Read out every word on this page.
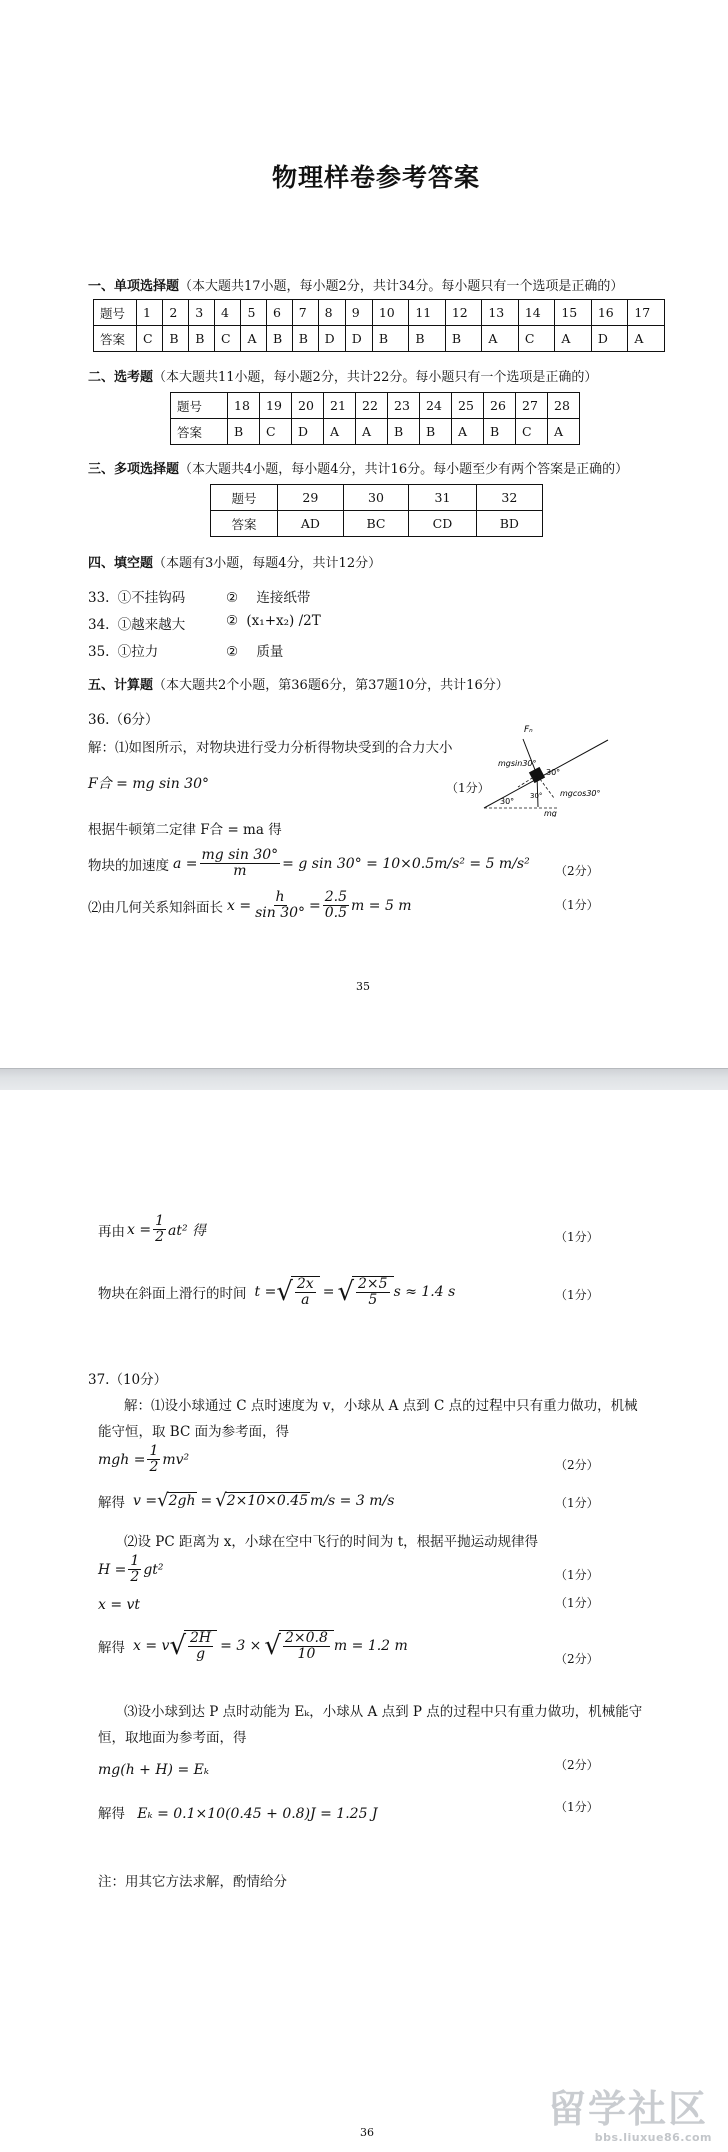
物理样卷参考答案
一、单项选择题（本大题共17小题，每小题2分，共计34分。每小题只有一个选项是正确的）
题号	1	2	3	4	5	6	7	8	9	10	11	12	13	14	15	16	17
答案	C	B	B	C	A	B	B	D	D	B	B	B	A	C	A	D	A
二、选考题（本大题共11小题，每小题2分，共计22分。每小题只有一个选项是正确的）
题号	18	19	20	21	22	23	24	25	26	27	28
答案	B	C	D	A	A	B	B	A	B	C	A
三、多项选择题（本大题共4小题，每小题4分，共计16分。每小题至少有两个答案是正确的）
题号	29	30	31	32
答案	AD	BC	CD	BD
四、填空题（本题有3小题，每题4分，共计12分）
33. ①不挂钩码	② 连接纸带
34. ①越来越大	② (x₁+x₂) /2T
35. ①拉力	② 质量
五、计算题（本大题共2个小题，第36题6分，第37题10分，共计16分）
36.（6分）
解：⑴如图所示，对物块进行受力分析得物块受到的合力大小
F合 = mg sin 30°	（1分）
根据牛顿第二定律 F合 = ma 得
物块的加速度 $a = \frac{\text{mg sin 30°}}{m} = g$ sin 30° = 10×0.5m/s² = 5 m/s² （2分）
⑵由几何关系知斜面长 $x = \frac{h}{\sin 30^\circ} = \frac{2.5}{0.5}$ m = 5 m	（1分）
Fₙ
mgsin30°
30°
30°
30° mgcos30°
mg
35
再由 $x = \frac{1}{2} at^2$ 得	（1分）
物块在斜面上滑行的时间 t = √ $\frac{2x}{a}$ = √ $\frac{2\times 5}{5}$ s ≈ 1.4 s	（1分）
37.（10分）
解：⑴设小球通过 C 点时速度为 v，小球从 A 点到 C 点的过程中只有重力做功，机械
能守恒，取 BC 面为参考面，得
mgh = $\frac{1}{2} mv^2$	（2分）
解得 v = √ 2gh = √ 2×10×0.45 m/s = 3 m/s	（1分）
⑵设 PC 距离为 x，小球在空中飞行的时间为 t，根据平抛运动规律得
$H = \frac{1}{2} gt^2$	（1分）
x = vt	（1分）
解得 x = v √ $\frac{2H}{g} = 3$ × √ $\frac{2\times 0.8}{10}$ m = 1.2 m
（2分）
⑶设小球到达 P 点时动能为 Eₖ，小球从 A 点到 P 点的过程中只有重力做功，机械能守
恒，取地面为参考面，得
mg(h + H) = Eₖ	（2分）
解得 Eₖ = 0.1×10(0.45 + 0.8)J = 1.25 J	（1分）
注：用其它方法求解，酌情给分
36
留学社区
bbs.liuxue86.com
